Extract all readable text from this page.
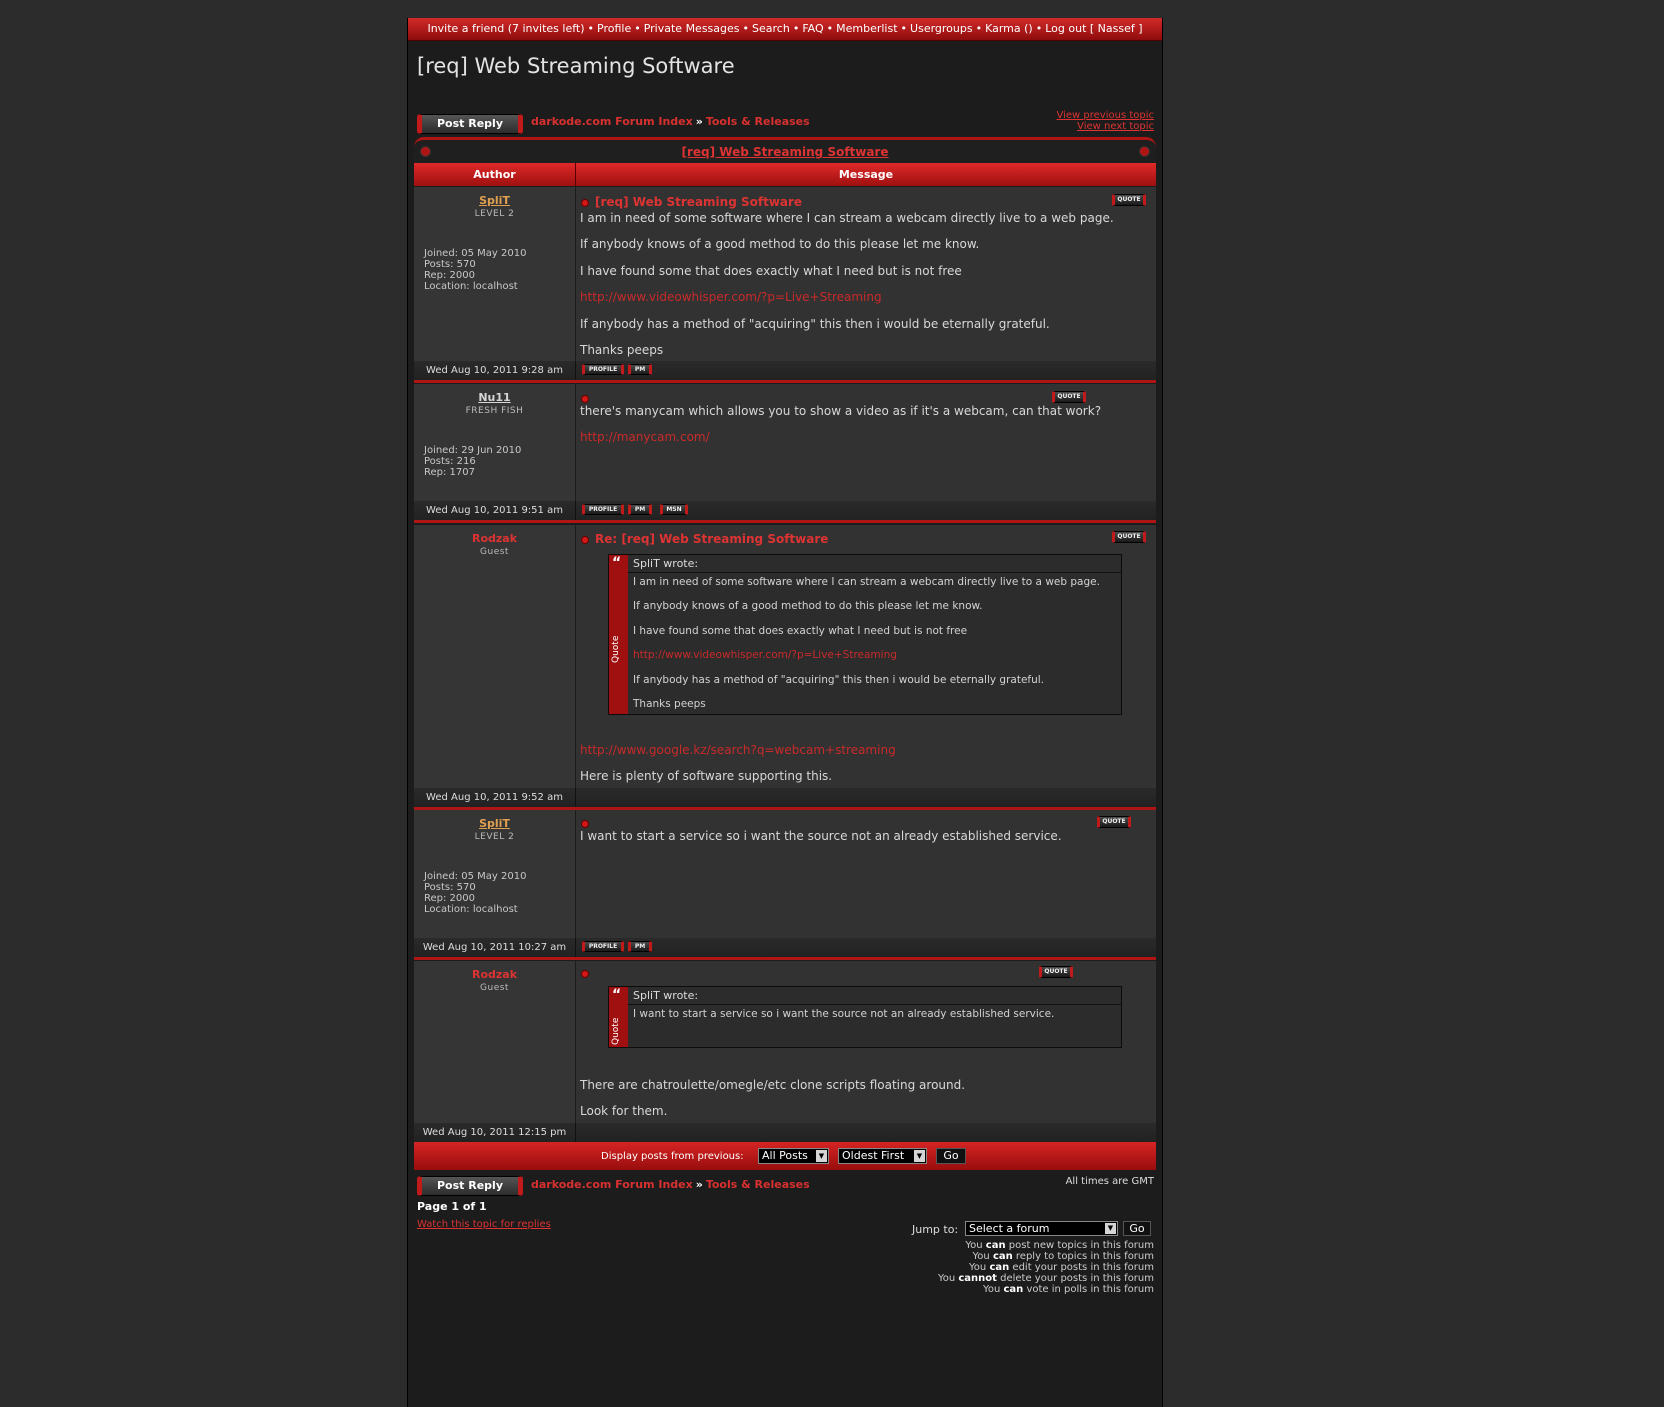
Invite a friend (7 invites left) • Profile • Private Messages • Search • FAQ • Memberlist • Usergroups • Karma () • Log out [ Nassef ]
[req] Web Streaming Software
Post Reply	darkode.com Forum Index » Tools & Releases	View previous topic
View next topic
[req] Web Streaming Software
Author	Message
SpliT
LEVEL 2
Joined: 05 May 2010
Posts: 570
Rep: 2000
Location: localhost
[req] Web Streaming Software	QUOTE
I am in need of some software where I can stream a webcam directly live to a web page.
If anybody knows of a good method to do this please let me know.
I have found some that does exactly what I need but is not free
http://www.videowhisper.com/?p=Live+Streaming
If anybody has a method of "acquiring" this then i would be eternally grateful.
Thanks peeps
Wed Aug 10, 2011 9:28 am	PROFILE	PM
Nu11
FRESH FISH
Joined: 29 Jun 2010
Posts: 216
Rep: 1707
QUOTE
there's manycam which allows you to show a video as if it's a webcam, can that work?
http://manycam.com/
Wed Aug 10, 2011 9:51 am	PROFILE	PM	MSN
Rodzak
Guest
Re: [req] Web Streaming Software	QUOTE
“
Quote
SpliT wrote:
I am in need of some software where I can stream a webcam directly live to a web page.
If anybody knows of a good method to do this please let me know.
I have found some that does exactly what I need but is not free
http://www.videowhisper.com/?p=Live+Streaming
If anybody has a method of "acquiring" this then i would be eternally grateful.
Thanks peeps
http://www.google.kz/search?q=webcam+streaming
Here is plenty of software supporting this.
Wed Aug 10, 2011 9:52 am
SpliT
LEVEL 2
Joined: 05 May 2010
Posts: 570
Rep: 2000
Location: localhost
QUOTE
I want to start a service so i want the source not an already established service.
Wed Aug 10, 2011 10:27 am	PROFILE	PM
Rodzak
Guest
QUOTE
“
Quote
SpliT wrote:
I want to start a service so i want the source not an already established service.
There are chatroulette/omegle/etc clone scripts floating around.
Look for them.
Wed Aug 10, 2011 12:15 pm
Display posts from previous:	All Posts	▼	Oldest First	▼	Go
Post Reply	darkode.com Forum Index » Tools & Releases	All times are GMT
Page 1 of 1
Watch this topic for replies	Jump to: Select a forum	▼	Go
You can post new topics in this forum
You can reply to topics in this forum
You can edit your posts in this forum
You cannot delete your posts in this forum
You can vote in polls in this forum
